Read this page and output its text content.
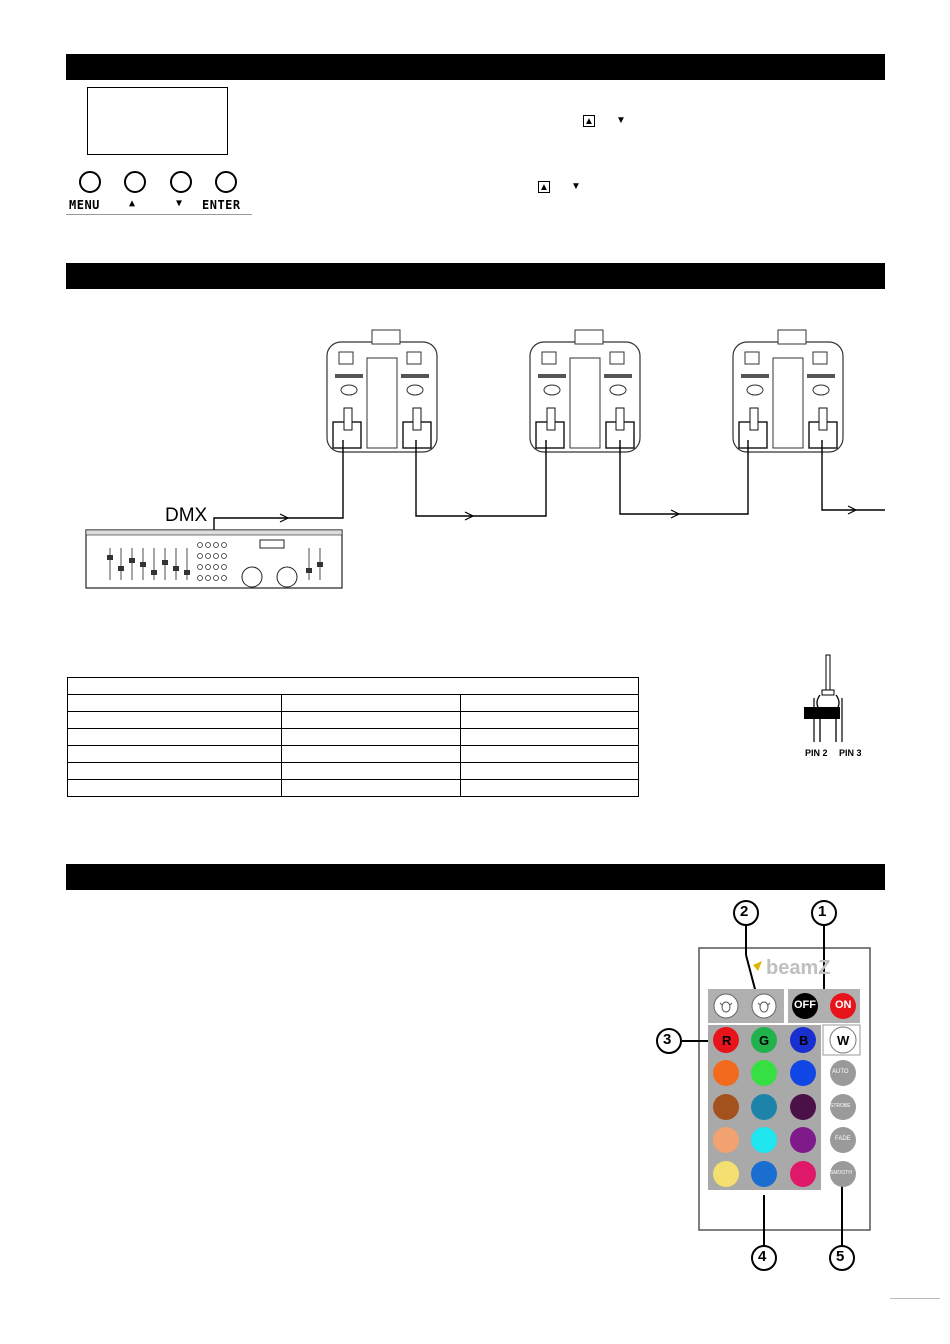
MENU	▲	▼ ENTER
▲ ▼
▲ ▼
DMX

PIN 2 PIN 3
beamZ
OFF ON
R G B W
AUTO
STROBE
FADE
SMOOTH
1
2
3
4	5
